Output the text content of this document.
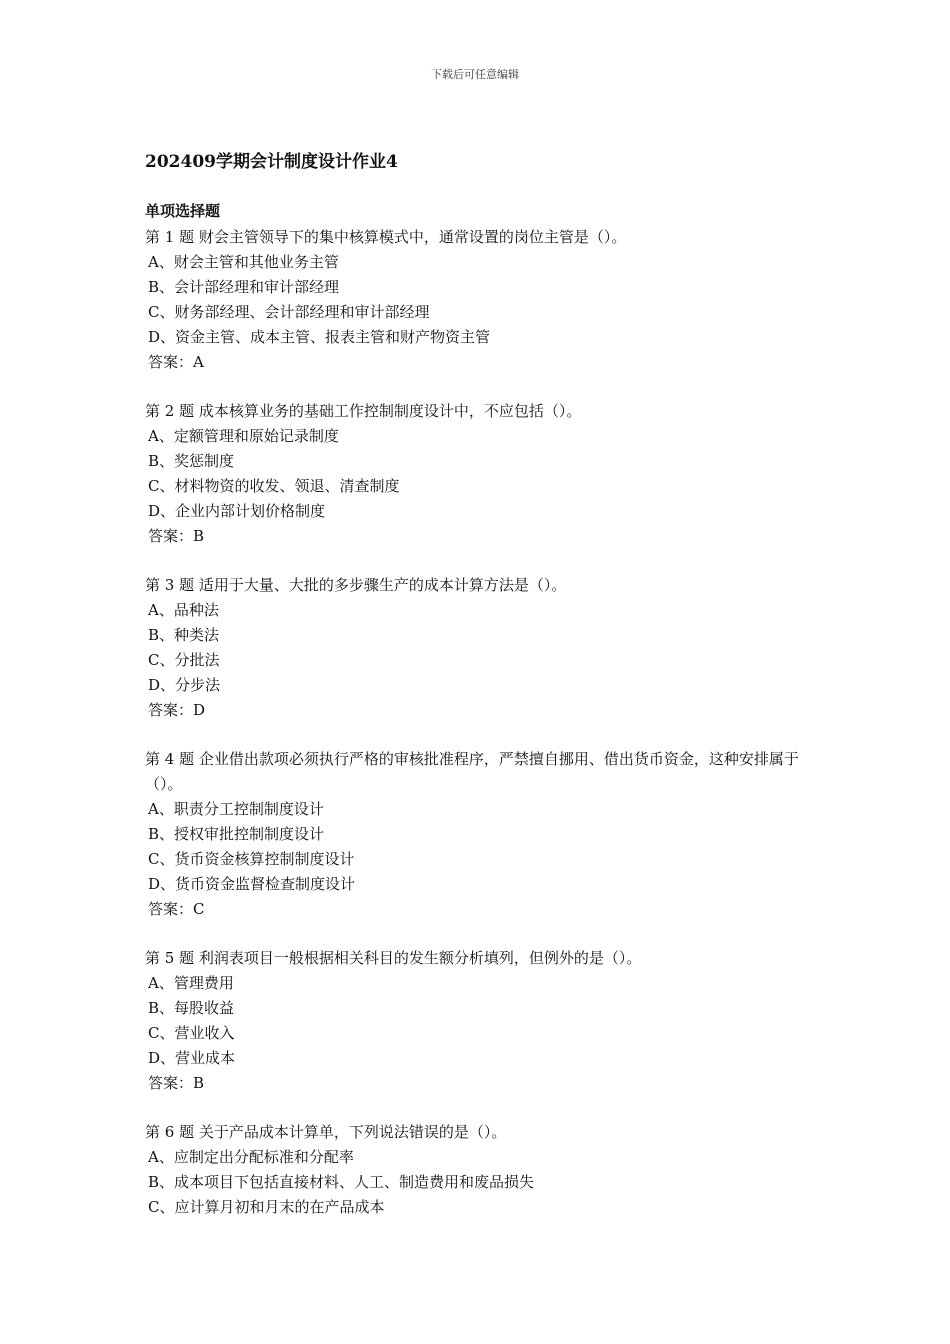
下载后可任意编辑
202409学期会计制度设计作业4
单项选择题
第 1 题 财会主管领导下的集中核算模式中，通常设置的岗位主管是（）。
A、财会主管和其他业务主管
B、会计部经理和审计部经理
C、财务部经理、会计部经理和审计部经理
D、资金主管、成本主管、报表主管和财产物资主管
答案：A
第 2 题 成本核算业务的基础工作控制制度设计中，不应包括（）。
A、定额管理和原始记录制度
B、奖惩制度
C、材料物资的收发、领退、清查制度
D、企业内部计划价格制度
答案：B
第 3 题 适用于大量、大批的多步骤生产的成本计算方法是（）。
A、品种法
B、种类法
C、分批法
D、分步法
答案：D
第 4 题 企业借出款项必须执行严格的审核批准程序，严禁擅自挪用、借出货币资金，这种安排属于（）。
A、职责分工控制制度设计
B、授权审批控制制度设计
C、货币资金核算控制制度设计
D、货币资金监督检查制度设计
答案：C
第 5 题 利润表项目一般根据相关科目的发生额分析填列，但例外的是（）。
A、管理费用
B、每股收益
C、营业收入
D、营业成本
答案：B
第 6 题 关于产品成本计算单，下列说法错误的是（）。
A、应制定出分配标准和分配率
B、成本项目下包括直接材料、人工、制造费用和废品损失
C、应计算月初和月末的在产品成本
